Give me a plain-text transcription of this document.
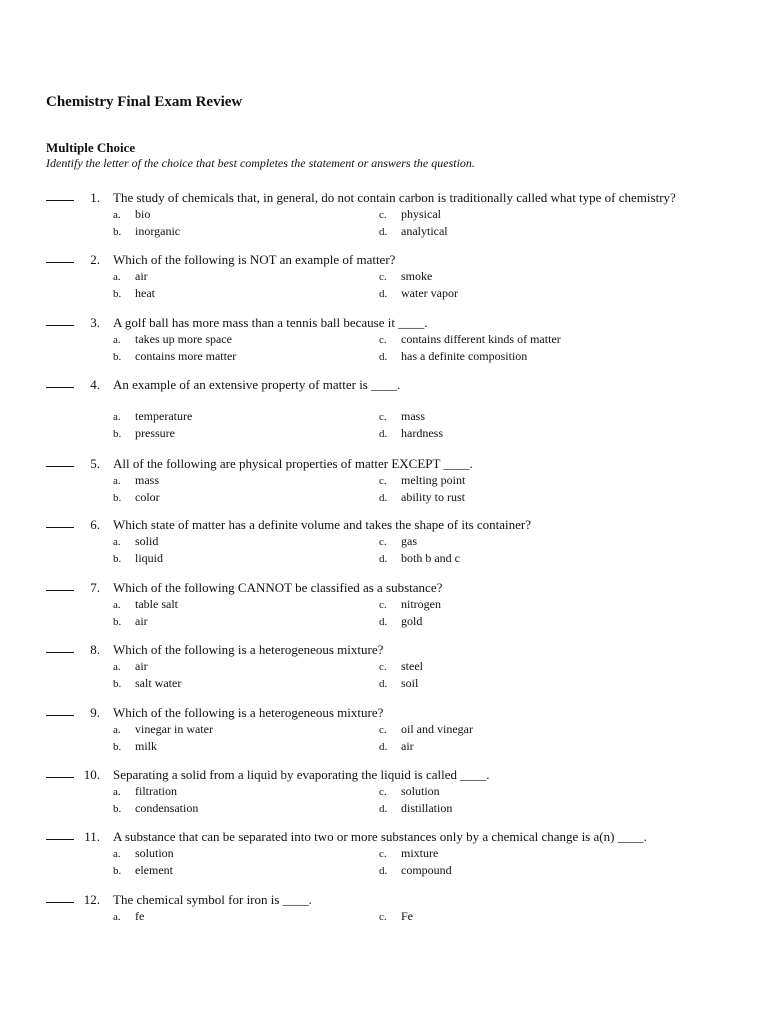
Chemistry Final Exam Review
Multiple Choice
Identify the letter of the choice that best completes the statement or answers the question.
1. The study of chemicals that, in general, do not contain carbon is traditionally called what type of chemistry?
a. bio
b. inorganic
c. physical
d. analytical
2. Which of the following is NOT an example of matter?
a. air
b. heat
c. smoke
d. water vapor
3. A golf ball has more mass than a tennis ball because it ____.
a. takes up more space
b. contains more matter
c. contains different kinds of matter
d. has a definite composition
4. An example of an extensive property of matter is ____.
a. temperature
b. pressure
c. mass
d. hardness
5. All of the following are physical properties of matter EXCEPT ____.
a. mass
b. color
c. melting point
d. ability to rust
6. Which state of matter has a definite volume and takes the shape of its container?
a. solid
b. liquid
c. gas
d. both b and c
7. Which of the following CANNOT be classified as a substance?
a. table salt
b. air
c. nitrogen
d. gold
8. Which of the following is a heterogeneous mixture?
a. air
b. salt water
c. steel
d. soil
9. Which of the following is a heterogeneous mixture?
a. vinegar in water
b. milk
c. oil and vinegar
d. air
10. Separating a solid from a liquid by evaporating the liquid is called ____.
a. filtration
b. condensation
c. solution
d. distillation
11. A substance that can be separated into two or more substances only by a chemical change is a(n) ____.
a. solution
b. element
c. mixture
d. compound
12. The chemical symbol for iron is ____.
a. fe	c. Fe
